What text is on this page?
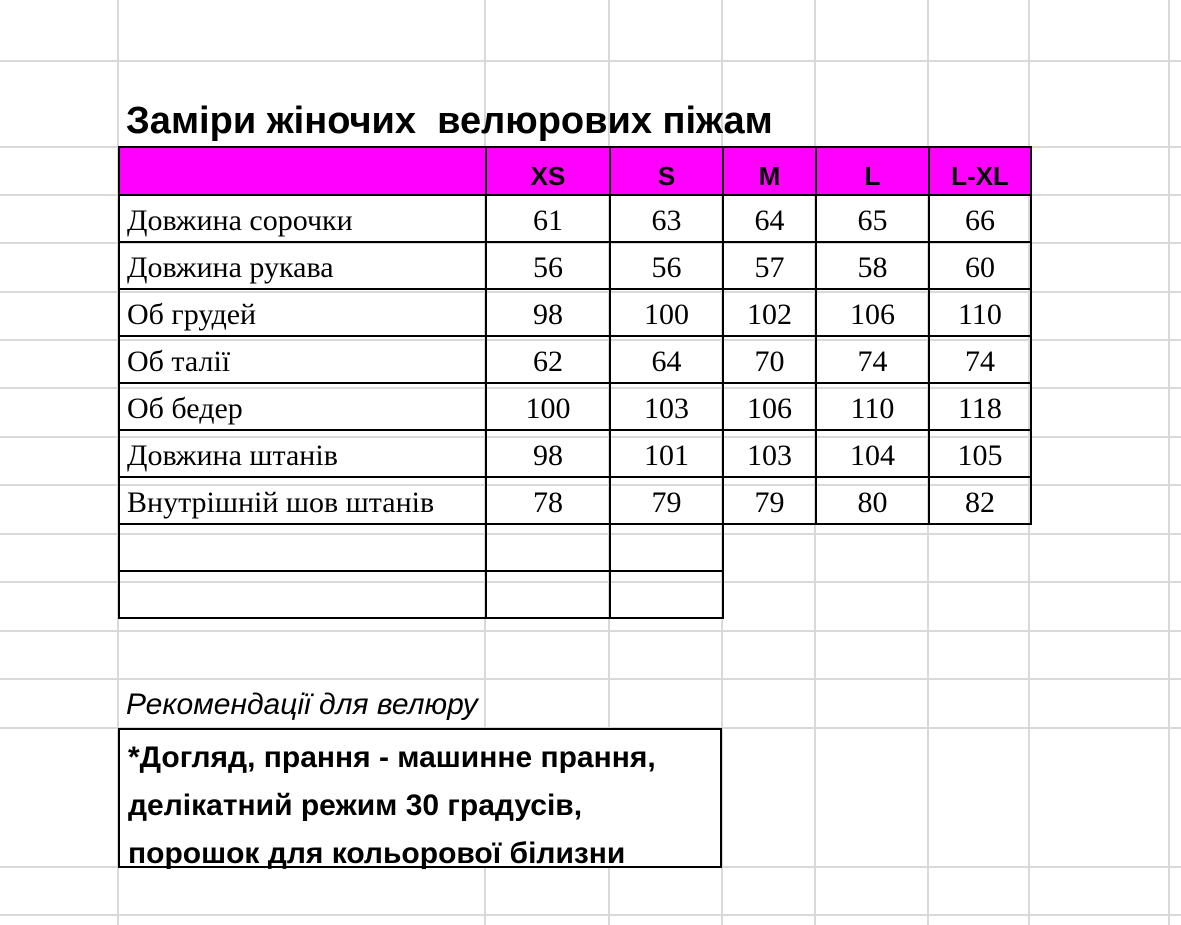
Заміри жіночих  велюрових піжам
	XS	S	M	L	L-XL
Довжина сорочки	61	63	64	65	66
Довжина рукава	56	56	57	58	60
Об грудей	98	100	102	106	110
Об талії	62	64	70	74	74
Об бедер	100	103	106	110	118
Довжина штанів	98	101	103	104	105
Внутрішній шов штанів	78	79	79	80	82

Рекомендації для велюру
*Догляд, прання - машинне прання,
делікатний режим 30 градусів,
порошок для кольорової білизни
